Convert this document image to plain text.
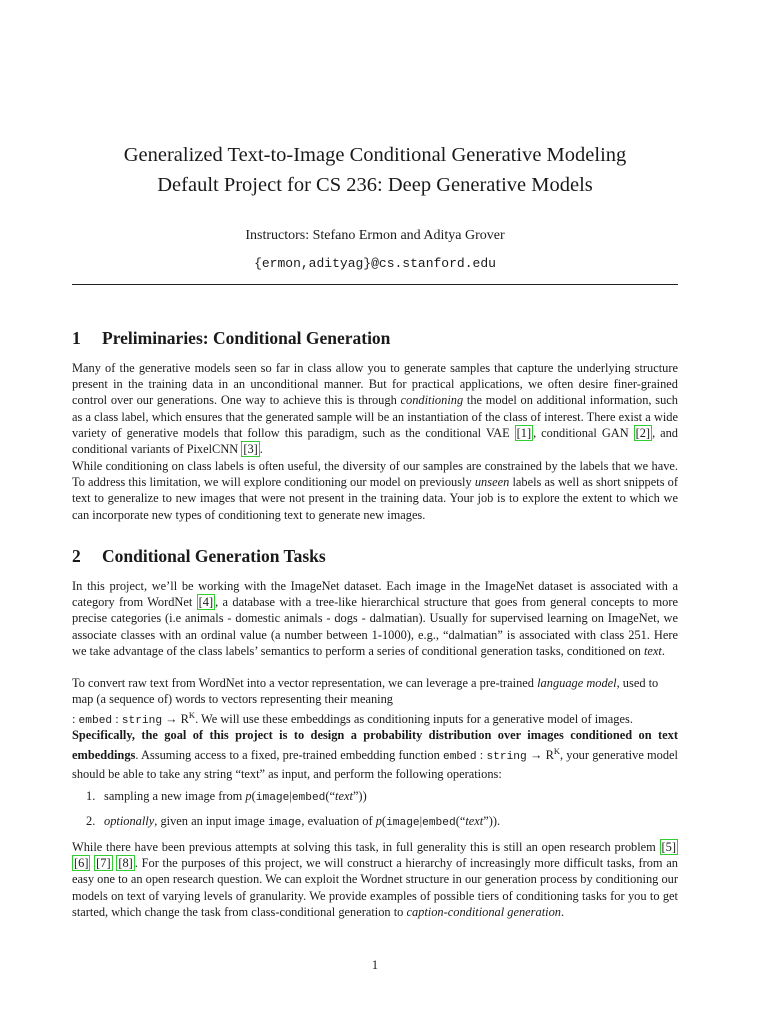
Generalized Text-to-Image Conditional Generative Modeling
Default Project for CS 236: Deep Generative Models
Instructors: Stefano Ermon and Aditya Grover
{ermon,adityag}@cs.stanford.edu
1 Preliminaries: Conditional Generation

Many of the generative models seen so far in class allow you to generate samples that capture the underlying structure present in the training data in an unconditional manner. But for practical applications, we often desire finer-grained control over our generations. One way to achieve this is through conditioning the model on additional information, such as a class label, which ensures that the generated sample will be an instantiation of the class of interest. There exist a wide variety of generative models that follow this paradigm, such as the conditional VAE [1] , conditional GAN [2] , and conditional variants of PixelCNN [3] .

While conditioning on class labels is often useful, the diversity of our samples are constrained by the labels that we have. To address this limitation, we will explore conditioning our model on previously unseen labels as well as short snippets of text to generalize to new images that were not present in the training data. Your job is to explore the extent to which we can incorporate new types of conditioning text to generate new images.

2 Conditional Generation Tasks

In this project, we’ll be working with the ImageNet dataset. Each image in the ImageNet dataset is associated with a category from WordNet [4] , a database with a tree-like hierarchical structure that goes from general concepts to more precise categories (i.e animals - domestic animals - dogs - dalmatian). Usually for supervised learning on ImageNet, we associate classes with an ordinal value (a number between 1-1000), e.g., “dalmatian” is associated with class 251. Here we take advantage of the class labels’ semantics to perform a series of conditional generation tasks, conditioned on text.

To convert raw text from WordNet into a vector representation, we can leverage a pre-trained language model, used to map (a sequence of) words to vectors representing their meaning
: embed : string → $R^K$. We will use these embeddings as conditioning inputs for a generative model of images.

Specifically, the goal of this project is to design a probability distribution over images conditioned on text embeddings. Assuming access to a fixed, pre-trained embedding function embed : string → $R^K$, your generative model should be able to take any string “text” as input, and perform the following operations:

1. sampling a new image from p(image|embed(“text”))
2. optionally, given an input image image, evaluation of p(image|embed(“text”)).

While there have been previous attempts at solving this task, in full generality this is still an open research problem [5] [6] [7] [8] . For the purposes of this project, we will construct a hierarchy of increasingly more difficult tasks, from an easy one to an open research question. We can exploit the Wordnet structure in our generation process by conditioning our models on text of varying levels of granularity. We provide examples of possible tiers of conditioning tasks for you to get started, which change the task from class-conditional generation to caption-conditional generation.

1
